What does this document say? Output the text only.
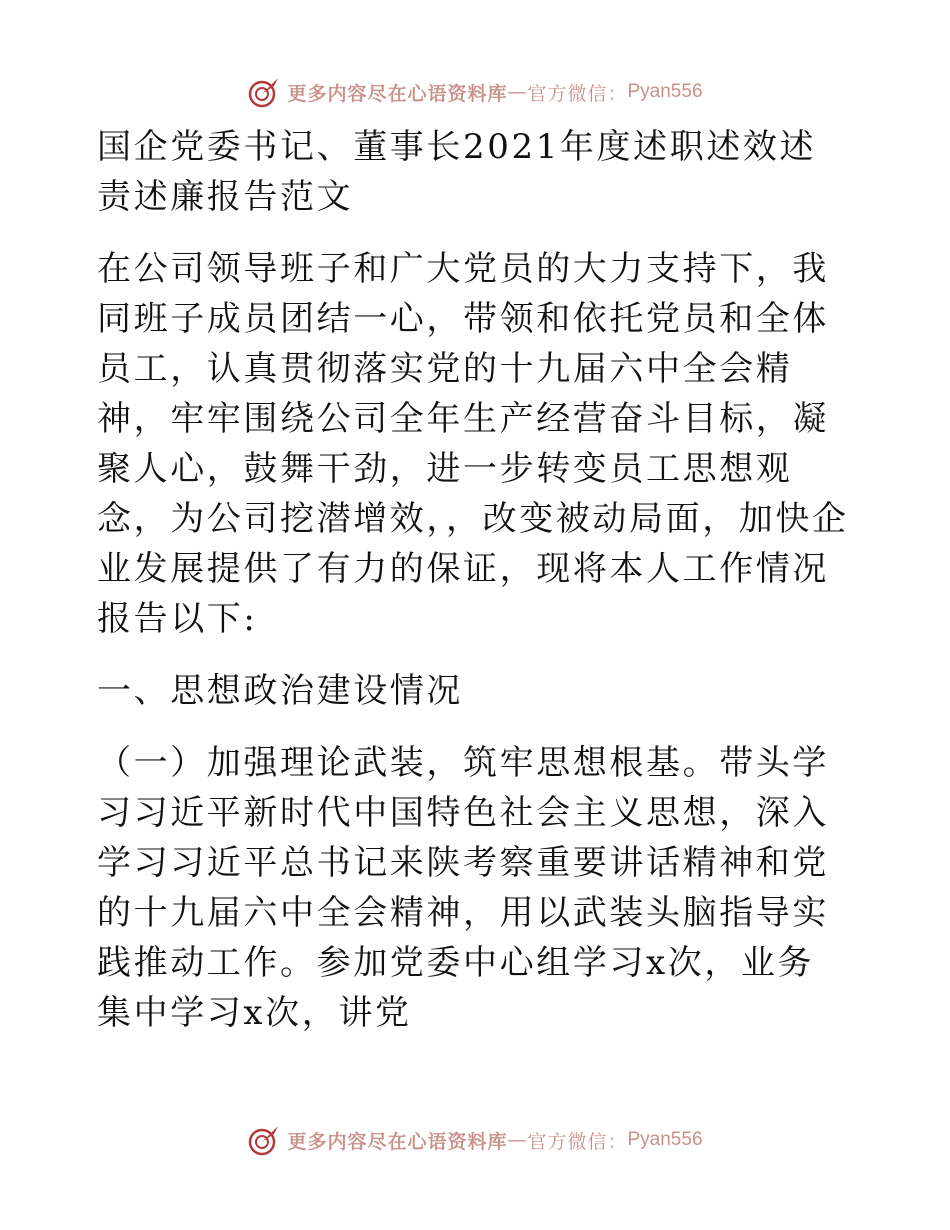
更多内容尽在心语资料库 — 官方微信： Pyan556

国企党委书记、董事长2021年度述职述效述责述廉报告范文

在公司领导班子和广大党员的大力支持下，我同班子成员团结一心，带领和依托党员和全体员工，认真贯彻落实党的十九届六中全会精神，牢牢围绕公司全年生产经营奋斗目标，凝聚人心，鼓舞干劲，进一步转变员工思想观念，为公司挖潜增效，，改变被动局面，加快企业发展提供了有力的保证，现将本人工作情况报告以下:

一、思想政治建设情况

（一）加强理论武装，筑牢思想根基。带头学习习近平新时代中国特色社会主义思想，深入学习习近平总书记来陕考察重要讲话精神和党的十九届六中全会精神，用以武装头脑指导实践推动工作。参加党委中心组学习x次，业务集中学习x次，讲党

更多内容尽在心语资料库 — 官方微信： Pyan556
